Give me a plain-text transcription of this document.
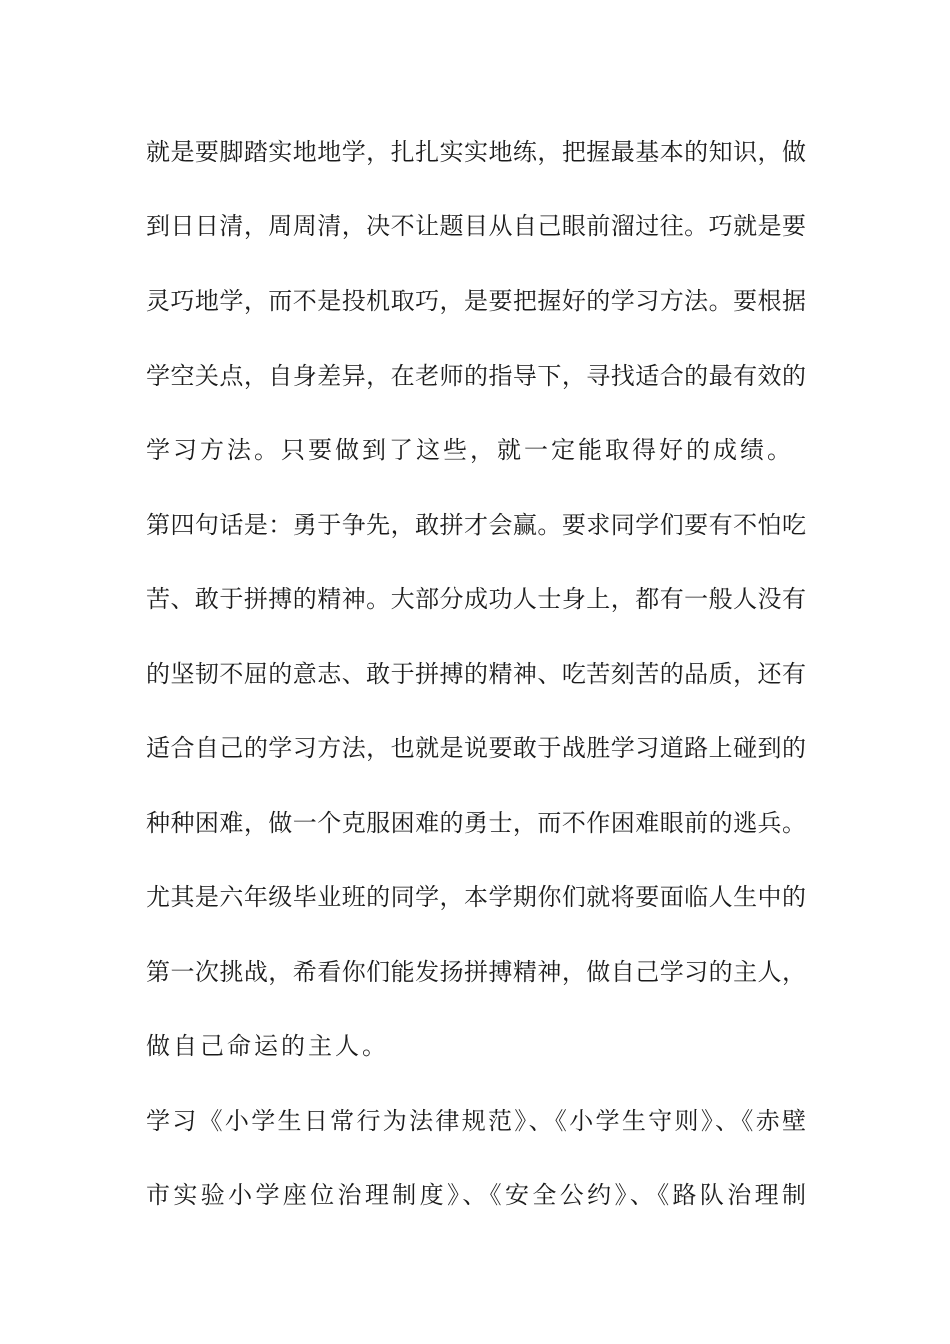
就是要脚踏实地地学，扎扎实实地练，把握最基本的知识，做
到日日清，周周清，决不让题目从自己眼前溜过往。巧就是要
灵巧地学，而不是投机取巧，是要把握好的学习方法。要根据
学空关点，自身差异，在老师的指导下，寻找适合的最有效的
学习方法。只要做到了这些，就一定能取得好的成绩。
第四句话是：勇于争先，敢拼才会赢。要求同学们要有不怕吃
苦、敢于拼搏的精神。大部分成功人士身上，都有一般人没有
的坚韧不屈的意志、敢于拼搏的精神、吃苦刻苦的品质，还有
适合自己的学习方法，也就是说要敢于战胜学习道路上碰到的
种种困难，做一个克服困难的勇士，而不作困难眼前的逃兵。
尤其是六年级毕业班的同学，本学期你们就将要面临人生中的
第一次挑战，希看你们能发扬拼搏精神，做自己学习的主人，
做自己命运的主人。
学习《小学生日常行为法律规范》、《小学生守则》、《赤壁
市实验小学座位治理制度》、《安全公约》、《路队治理制
